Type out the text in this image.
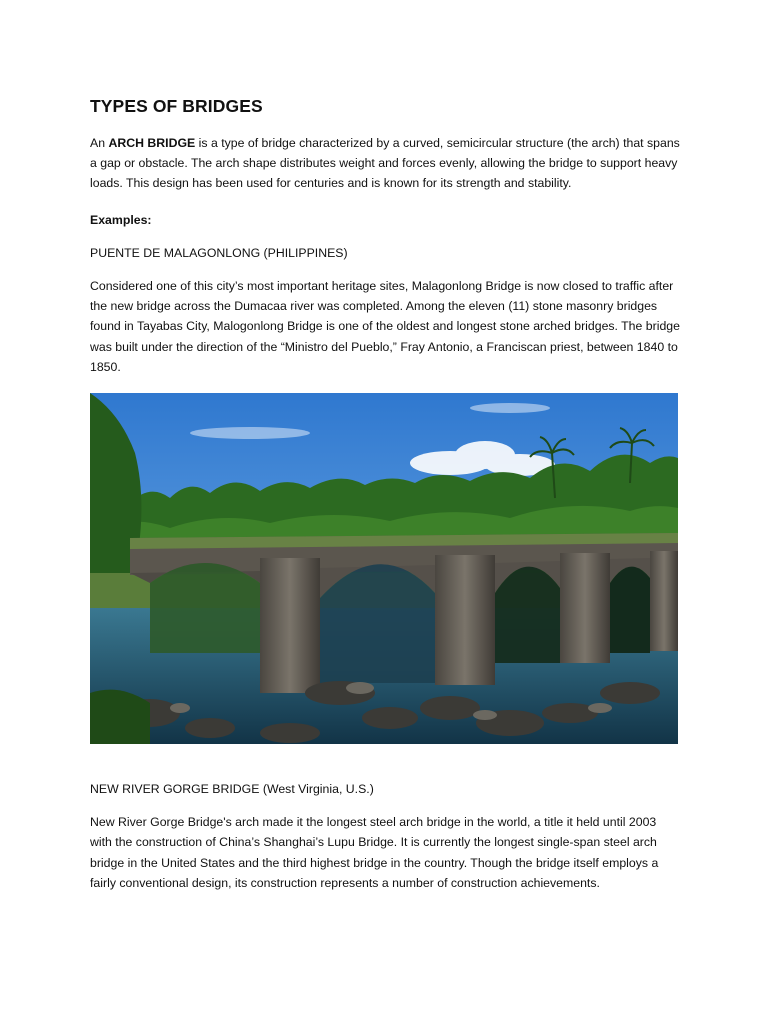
TYPES OF BRIDGES

An ARCH BRIDGE is a type of bridge characterized by a curved, semicircular structure (the arch) that spans a gap or obstacle. The arch shape distributes weight and forces evenly, allowing the bridge to support heavy loads. This design has been used for centuries and is known for its strength and stability.

Examples:

PUENTE DE MALAGONLONG (PHILIPPINES)

Considered one of this city’s most important heritage sites, Malagonlong Bridge is now closed to traffic after the new bridge across the Dumacaa river was completed. Among the eleven (11) stone masonry bridges found in Tayabas City, Malogonlong Bridge is one of the oldest and longest stone arched bridges. The bridge was built under the direction of the “Ministro del Pueblo,” Fray Antonio, a Franciscan priest, between 1840 to 1850.

NEW RIVER GORGE BRIDGE (West Virginia, U.S.)

New River Gorge Bridge's arch made it the longest steel arch bridge in the world, a title it held until 2003 with the construction of China’s Shanghai’s Lupu Bridge. It is currently the longest single-span steel arch bridge in the United States and the third highest bridge in the country. Though the bridge itself employs a fairly conventional design, its construction represents a number of construction achievements.
